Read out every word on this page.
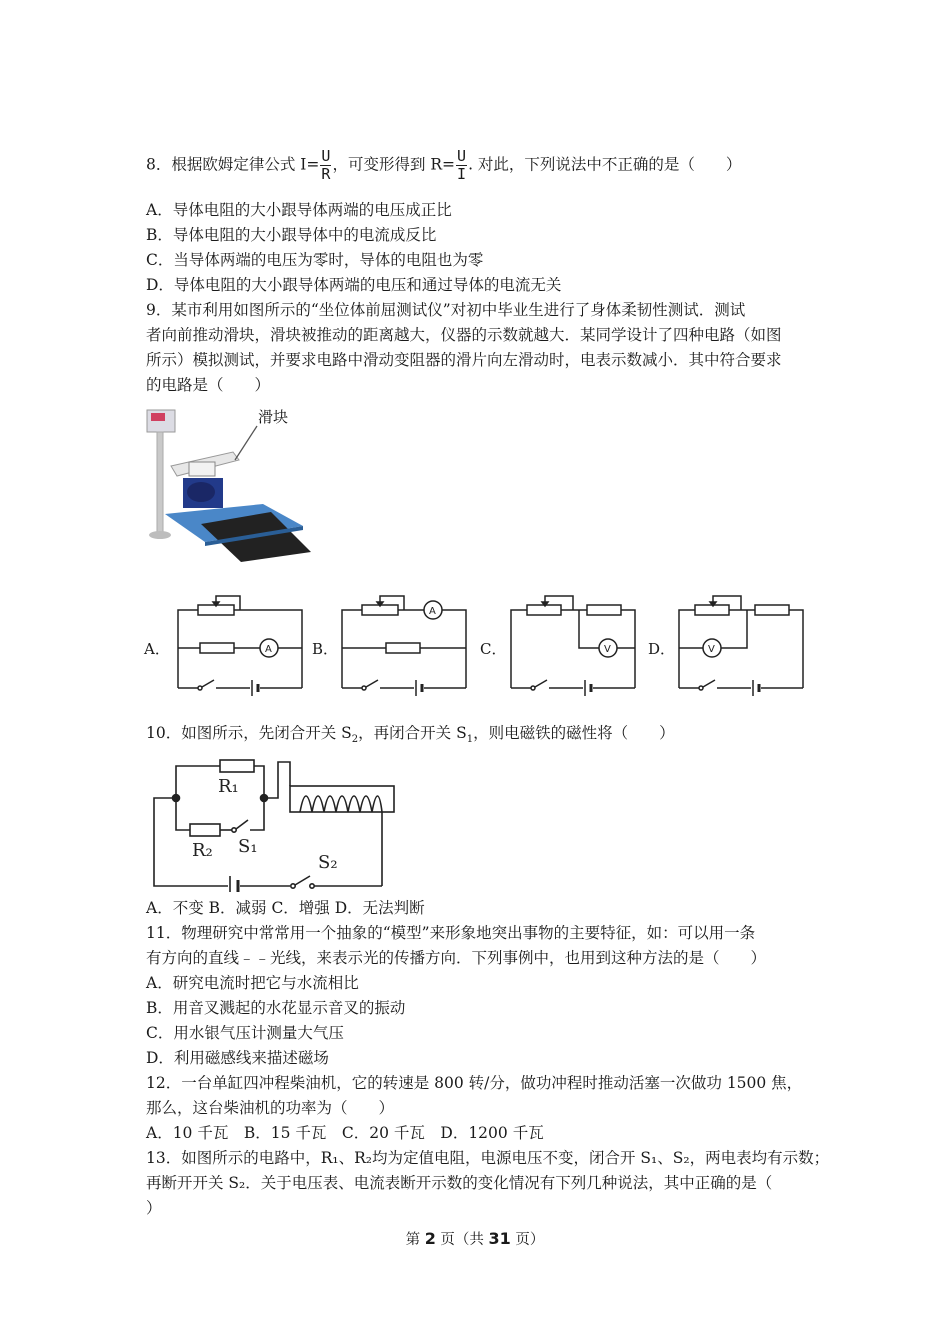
8．根据欧姆定律公式 $I= \frac{U}{R}$ ，可变形得到 $R= \frac{U}{I}$ . 对此，下列说法中不正确的是（　　）
A．导体电阻的大小跟导体两端的电压成正比
B．导体电阻的大小跟导体中的电流成反比
C．当导体两端的电压为零时，导体的电阻也为零
D．导体电阻的大小跟导体两端的电压和通过导体的电流无关
9．某市利用如图所示的“坐位体前屈测试仪”对初中毕业生进行了身体柔韧性测试．测试
者向前推动滑块，滑块被推动的距离越大，仪器的示数就越大．某同学设计了四种电路（如图
所示）模拟测试，并要求电路中滑动变阻器的滑片向左滑动时，电表示数减小．其中符合要求
的电路是（　　）
滑块
A．	B．	C．	D．
A
A
V	V
10．如图所示，先闭合开关 $S_2$，再闭合开关 $S_1$，则电磁铁的磁性将（　　）
R₁
R₂ S₁
S₂
A．不变 B．减弱 C．增强 D．无法判断
11．物理研究中常常用一个抽象的“模型”来形象地突出事物的主要特征，如：可以用一条
有方向的直线﹣﹣光线，来表示光的传播方向．下列事例中，也用到这种方法的是（　　）
A．研究电流时把它与水流相比
B．用音叉溅起的水花显示音叉的振动
C．用水银气压计测量大气压
D．利用磁感线来描述磁场
12．一台单缸四冲程柴油机，它的转速是 800 转/分，做功冲程时推动活塞一次做功 1500 焦，
那么，这台柴油机的功率为（　　）
A．10 千瓦　B．15 千瓦　C．20 千瓦　D．1200 千瓦
13．如图所示的电路中，R₁、R₂均为定值电阻，电源电压不变，闭合开 S₁、S₂，两电表均有示数；
再断开开关 S₂．关于电压表、电流表断开示数的变化情况有下列几种说法，其中正确的是（
）
第 2 页（共 31 页）
